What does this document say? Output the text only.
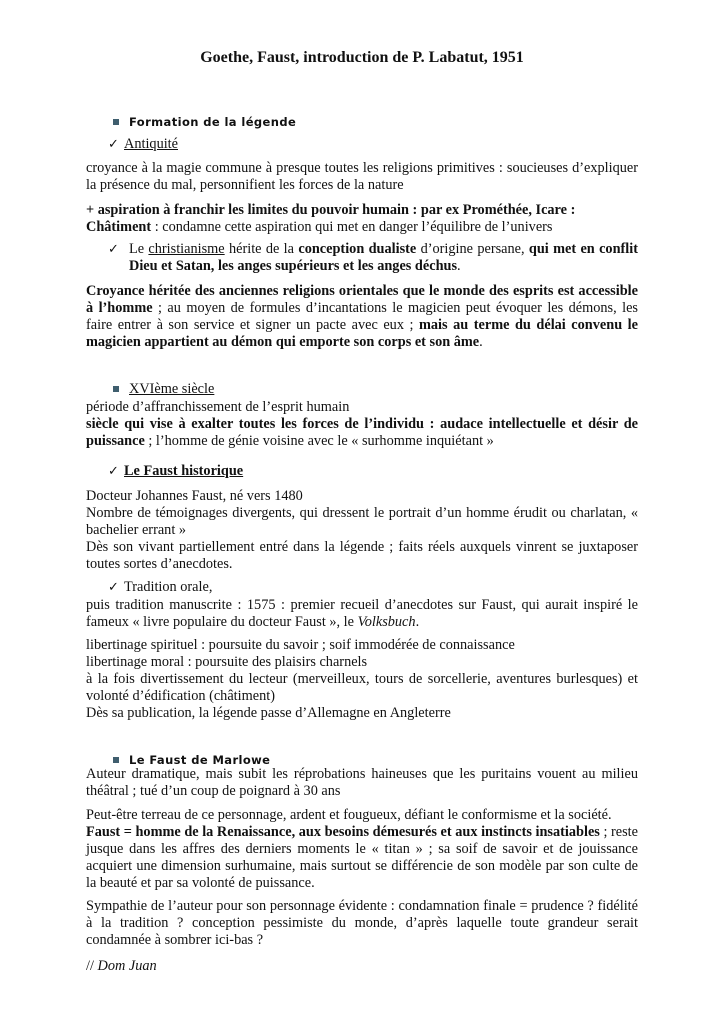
Goethe, Faust, introduction de P. Labatut, 1951
Formation de la légende
✓ Antiquité

croyance à la magie commune à presque toutes les religions primitives : soucieuses d’expliquer la présence du mal, personnifient les forces de la nature

+ aspiration à franchir les limites du pouvoir humain : par ex Prométhée, Icare :

Châtiment : condamne cette aspiration qui met en danger l’équilibre de l’univers

✓ Le christianisme hérite de la conception dualiste d’origine persane, qui met en conflit Dieu et Satan, les anges supérieurs et les anges déchus.

Croyance héritée des anciennes religions orientales que le monde des esprits est accessible à l’homme ; au moyen de formules d’incantations le magicien peut évoquer les démons, les faire entrer à son service et signer un pacte avec eux ; mais au terme du délai convenu le magicien appartient au démon qui emporte son corps et son âme.

XVIème siècle

période d’affranchissement de l’esprit humain

siècle qui vise à exalter toutes les forces de l’individu : audace intellectuelle et désir de puissance ; l’homme de génie voisine avec le « surhomme inquiétant »

✓ Le Faust historique

Docteur Johannes Faust, né vers 1480

Nombre de témoignages divergents, qui dressent le portrait d’un homme érudit ou charlatan, « bachelier errant »

Dès son vivant partiellement entré dans la légende ; faits réels auxquels vinrent se juxtaposer toutes sortes d’anecdotes.

✓ Tradition orale,

puis tradition manuscrite : 1575 : premier recueil d’anecdotes sur Faust, qui aurait inspiré le fameux « livre populaire du docteur Faust », le Volksbuch.

libertinage spirituel : poursuite du savoir ; soif immodérée de connaissance

libertinage moral : poursuite des plaisirs charnels

à la fois divertissement du lecteur (merveilleux, tours de sorcellerie, aventures burlesques) et volonté d’édification (châtiment)

Dès sa publication, la légende passe d’Allemagne en Angleterre

Le Faust de Marlowe

Auteur dramatique, mais subit les réprobations haineuses que les puritains vouent au milieu théâtral ; tué d’un coup de poignard à 30 ans

Peut-être terreau de ce personnage, ardent et fougueux, défiant le conformisme et la société.

Faust = homme de la Renaissance, aux besoins démesurés et aux instincts insatiables ; reste jusque dans les affres des derniers moments le « titan » ; sa soif de savoir et de jouissance acquiert une dimension surhumaine, mais surtout se différencie de son modèle par son culte de la beauté et par sa volonté de puissance.

Sympathie de l’auteur pour son personnage évidente : condamnation finale = prudence ? fidélité à la tradition ? conception pessimiste du monde, d’après laquelle toute grandeur serait condamnée à sombrer ici-bas ?

// Dom Juan
